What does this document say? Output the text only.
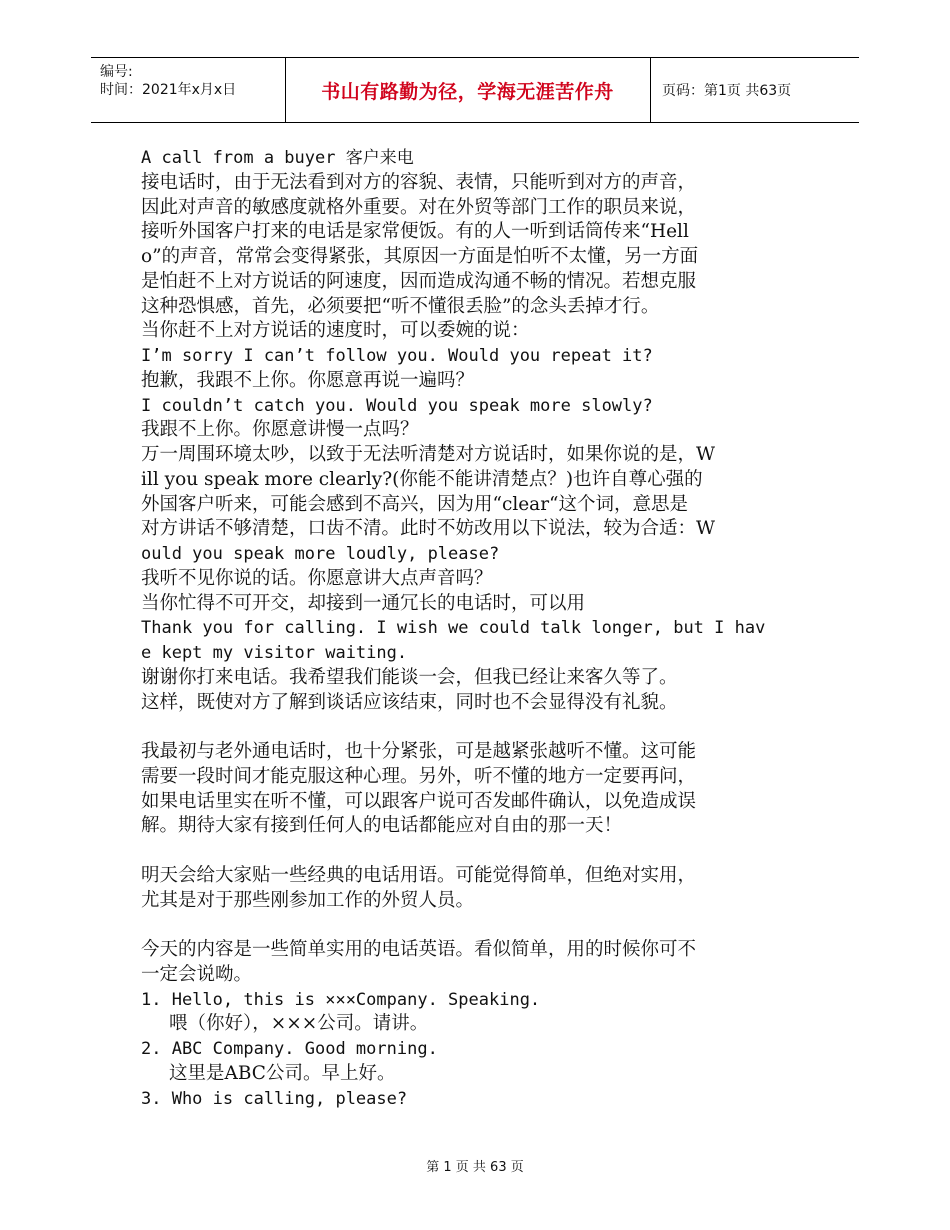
编号:
时间：2021年x月x日	书山有路勤为径，学海无涯苦作舟	页码：第1页 共63页
A call from a buyer 客户来电
接电话时，由于无法看到对方的容貌、表情，只能听到对方的声音，
因此对声音的敏感度就格外重要。对在外贸等部门工作的职员来说，
接听外国客户打来的电话是家常便饭。有的人一听到话筒传来“Hell
o”的声音，常常会变得紧张，其原因一方面是怕听不太懂，另一方面
是怕赶不上对方说话的阿速度，因而造成沟通不畅的情况。若想克服
这种恐惧感，首先，必须要把“听不懂很丢脸”的念头丢掉才行。
当你赶不上对方说话的速度时，可以委婉的说：
I’m sorry I can’t follow you. Would you repeat it?
抱歉，我跟不上你。你愿意再说一遍吗？
I couldn’t catch you. Would you speak more slowly?
我跟不上你。你愿意讲慢一点吗？
万一周围环境太吵，以致于无法听清楚对方说话时，如果你说的是，W
ill you speak more clearly?(你能不能讲清楚点？)也许自尊心强的
外国客户听来，可能会感到不高兴，因为用“clear“这个词，意思是
对方讲话不够清楚，口齿不清。此时不妨改用以下说法，较为合适：W
ould you speak more loudly, please?
我听不见你说的话。你愿意讲大点声音吗？
当你忙得不可开交，却接到一通冗长的电话时，可以用
Thank you for calling. I wish we could talk longer, but I hav
e kept my visitor waiting.
谢谢你打来电话。我希望我们能谈一会，但我已经让来客久等了。
这样，既使对方了解到谈话应该结束，同时也不会显得没有礼貌。
我最初与老外通电话时，也十分紧张，可是越紧张越听不懂。这可能
需要一段时间才能克服这种心理。另外，听不懂的地方一定要再问，
如果电话里实在听不懂，可以跟客户说可否发邮件确认，以免造成误
解。期待大家有接到任何人的电话都能应对自由的那一天！
明天会给大家贴一些经典的电话用语。可能觉得简单，但绝对实用，
尤其是对于那些刚参加工作的外贸人员。
今天的内容是一些简单实用的电话英语。看似简单，用的时候你可不
一定会说呦。
1. Hello, this is ×××Company. Speaking.
喂（你好），×××公司。请讲。
2. ABC Company. Good morning.
这里是ABC公司。早上好。
3. Who is calling, please?
第 1 页 共 63 页
